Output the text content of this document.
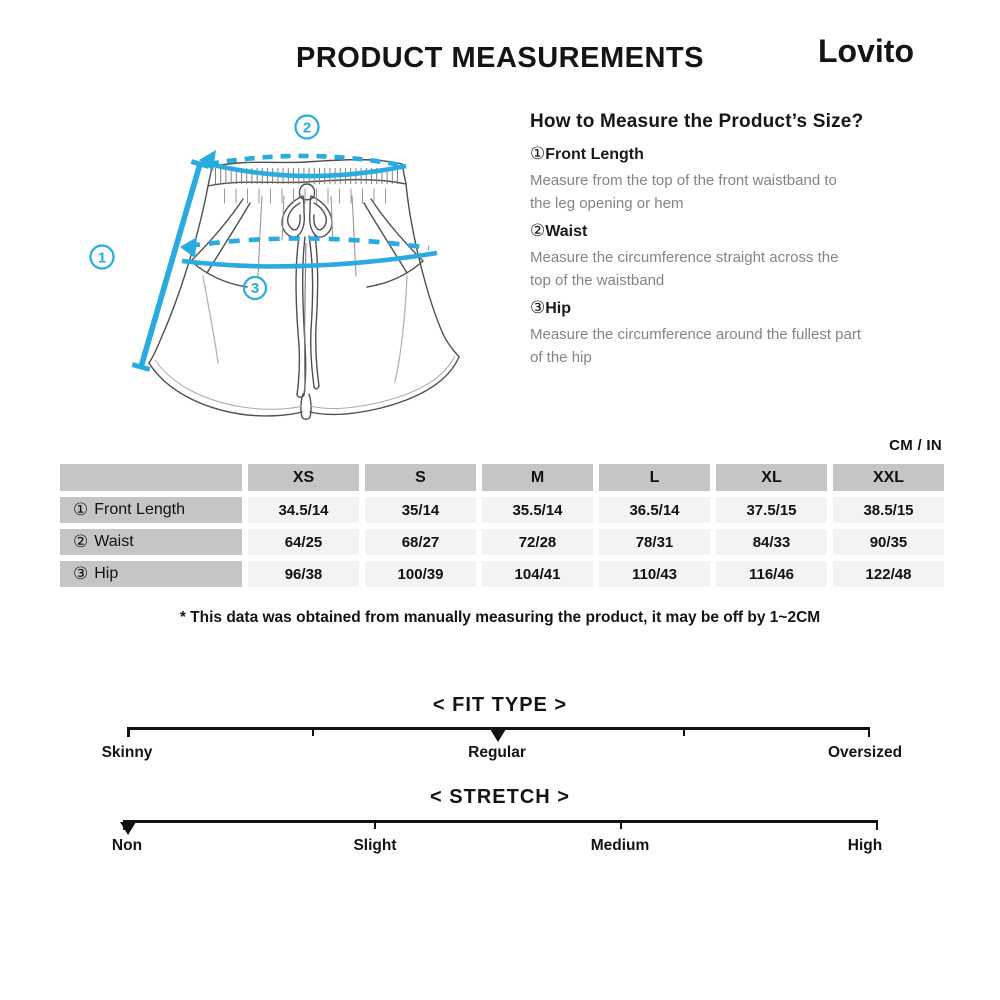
PRODUCT MEASUREMENTS	Lovito
1
2
3
How to Measure the Product’s Size?
①Front Length
Measure from the top of the front waistband to
the leg opening or hem
②Waist
Measure the circumference straight across the
top of the waistband
③Hip
Measure the circumference around the fullest part
of the hip
CM / IN
XS	S	M	L	XL	XXL
① Front Length	34.5/14	35/14	35.5/14	36.5/14	37.5/15	38.5/15
② Waist	64/25	68/27	72/28	78/31	84/33	90/35
③ Hip	96/38	100/39	104/41	110/43	116/46	122/48
* This data was obtained from manually measuring the product, it may be off by 1~2CM
< FIT TYPE >
Skinny	Regular	Oversized
< STRETCH >
Non	Slight	Medium	High
